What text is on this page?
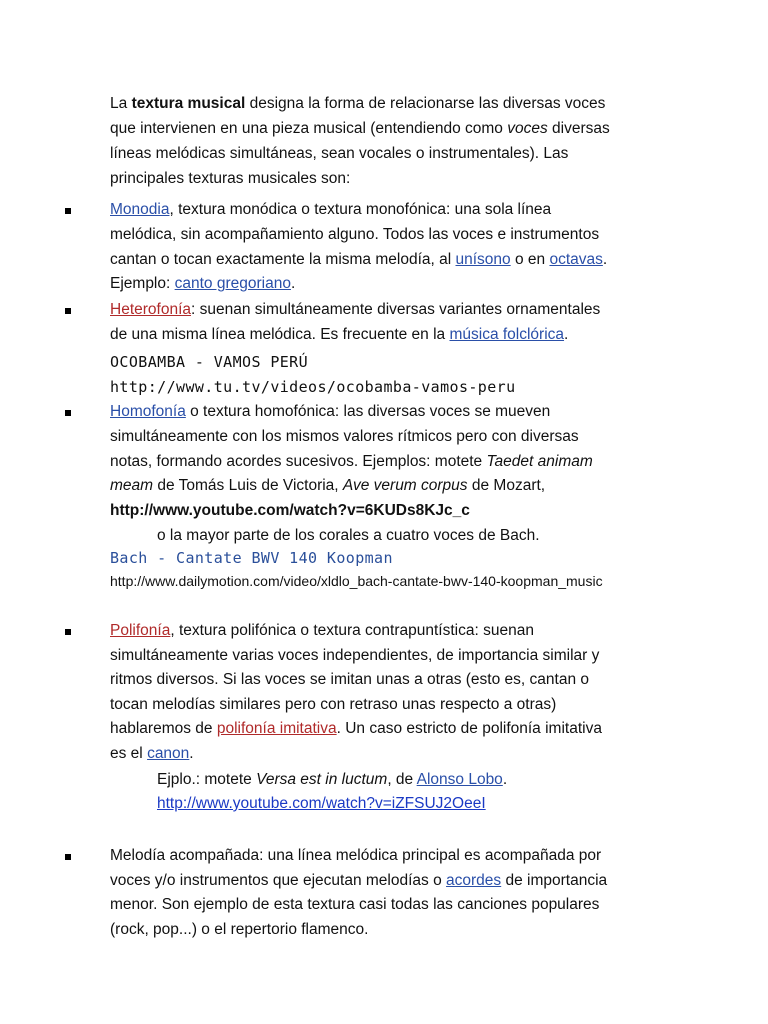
La textura musical designa la forma de relacionarse las diversas voces
que intervienen en una pieza musical (entendiendo como voces diversas
líneas melódicas simultáneas, sean vocales o instrumentales). Las
principales texturas musicales son:
Monodia, textura monódica o textura monofónica: una sola línea
melódica, sin acompañamiento alguno. Todos las voces e instrumentos
cantan o tocan exactamente la misma melodía, al unísono o en octavas.
Ejemplo: canto gregoriano.
Heterofonía: suenan simultáneamente diversas variantes ornamentales
de una misma línea melódica. Es frecuente en la música folclórica.
OCOBAMBA - VAMOS PERÚ
http://www.tu.tv/videos/ocobamba-vamos-peru
Homofonía o textura homofónica: las diversas voces se mueven
simultáneamente con los mismos valores rítmicos pero con diversas
notas, formando acordes sucesivos. Ejemplos: motete Taedet animam
meam de Tomás Luis de Victoria, Ave verum corpus de Mozart,
http://www.youtube.com/watch?v=6KUDs8KJc_c
o la mayor parte de los corales a cuatro voces de Bach.
Bach - Cantate BWV 140 Koopman
http://www.dailymotion.com/video/xldlo_bach-cantate-bwv-140-koopman_music
Polifonía, textura polifónica o textura contrapuntística: suenan
simultáneamente varias voces independientes, de importancia similar y
ritmos diversos. Si las voces se imitan unas a otras (esto es, cantan o
tocan melodías similares pero con retraso unas respecto a otras)
hablaremos de polifonía imitativa. Un caso estricto de polifonía imitativa
es el canon.
Ejplo.: motete Versa est in luctum, de Alonso Lobo.
http://www.youtube.com/watch?v=iZFSUJ2OeeI
Melodía acompañada: una línea melódica principal es acompañada por
voces y/o instrumentos que ejecutan melodías o acordes de importancia
menor. Son ejemplo de esta textura casi todas las canciones populares
(rock, pop...) o el repertorio flamenco.
